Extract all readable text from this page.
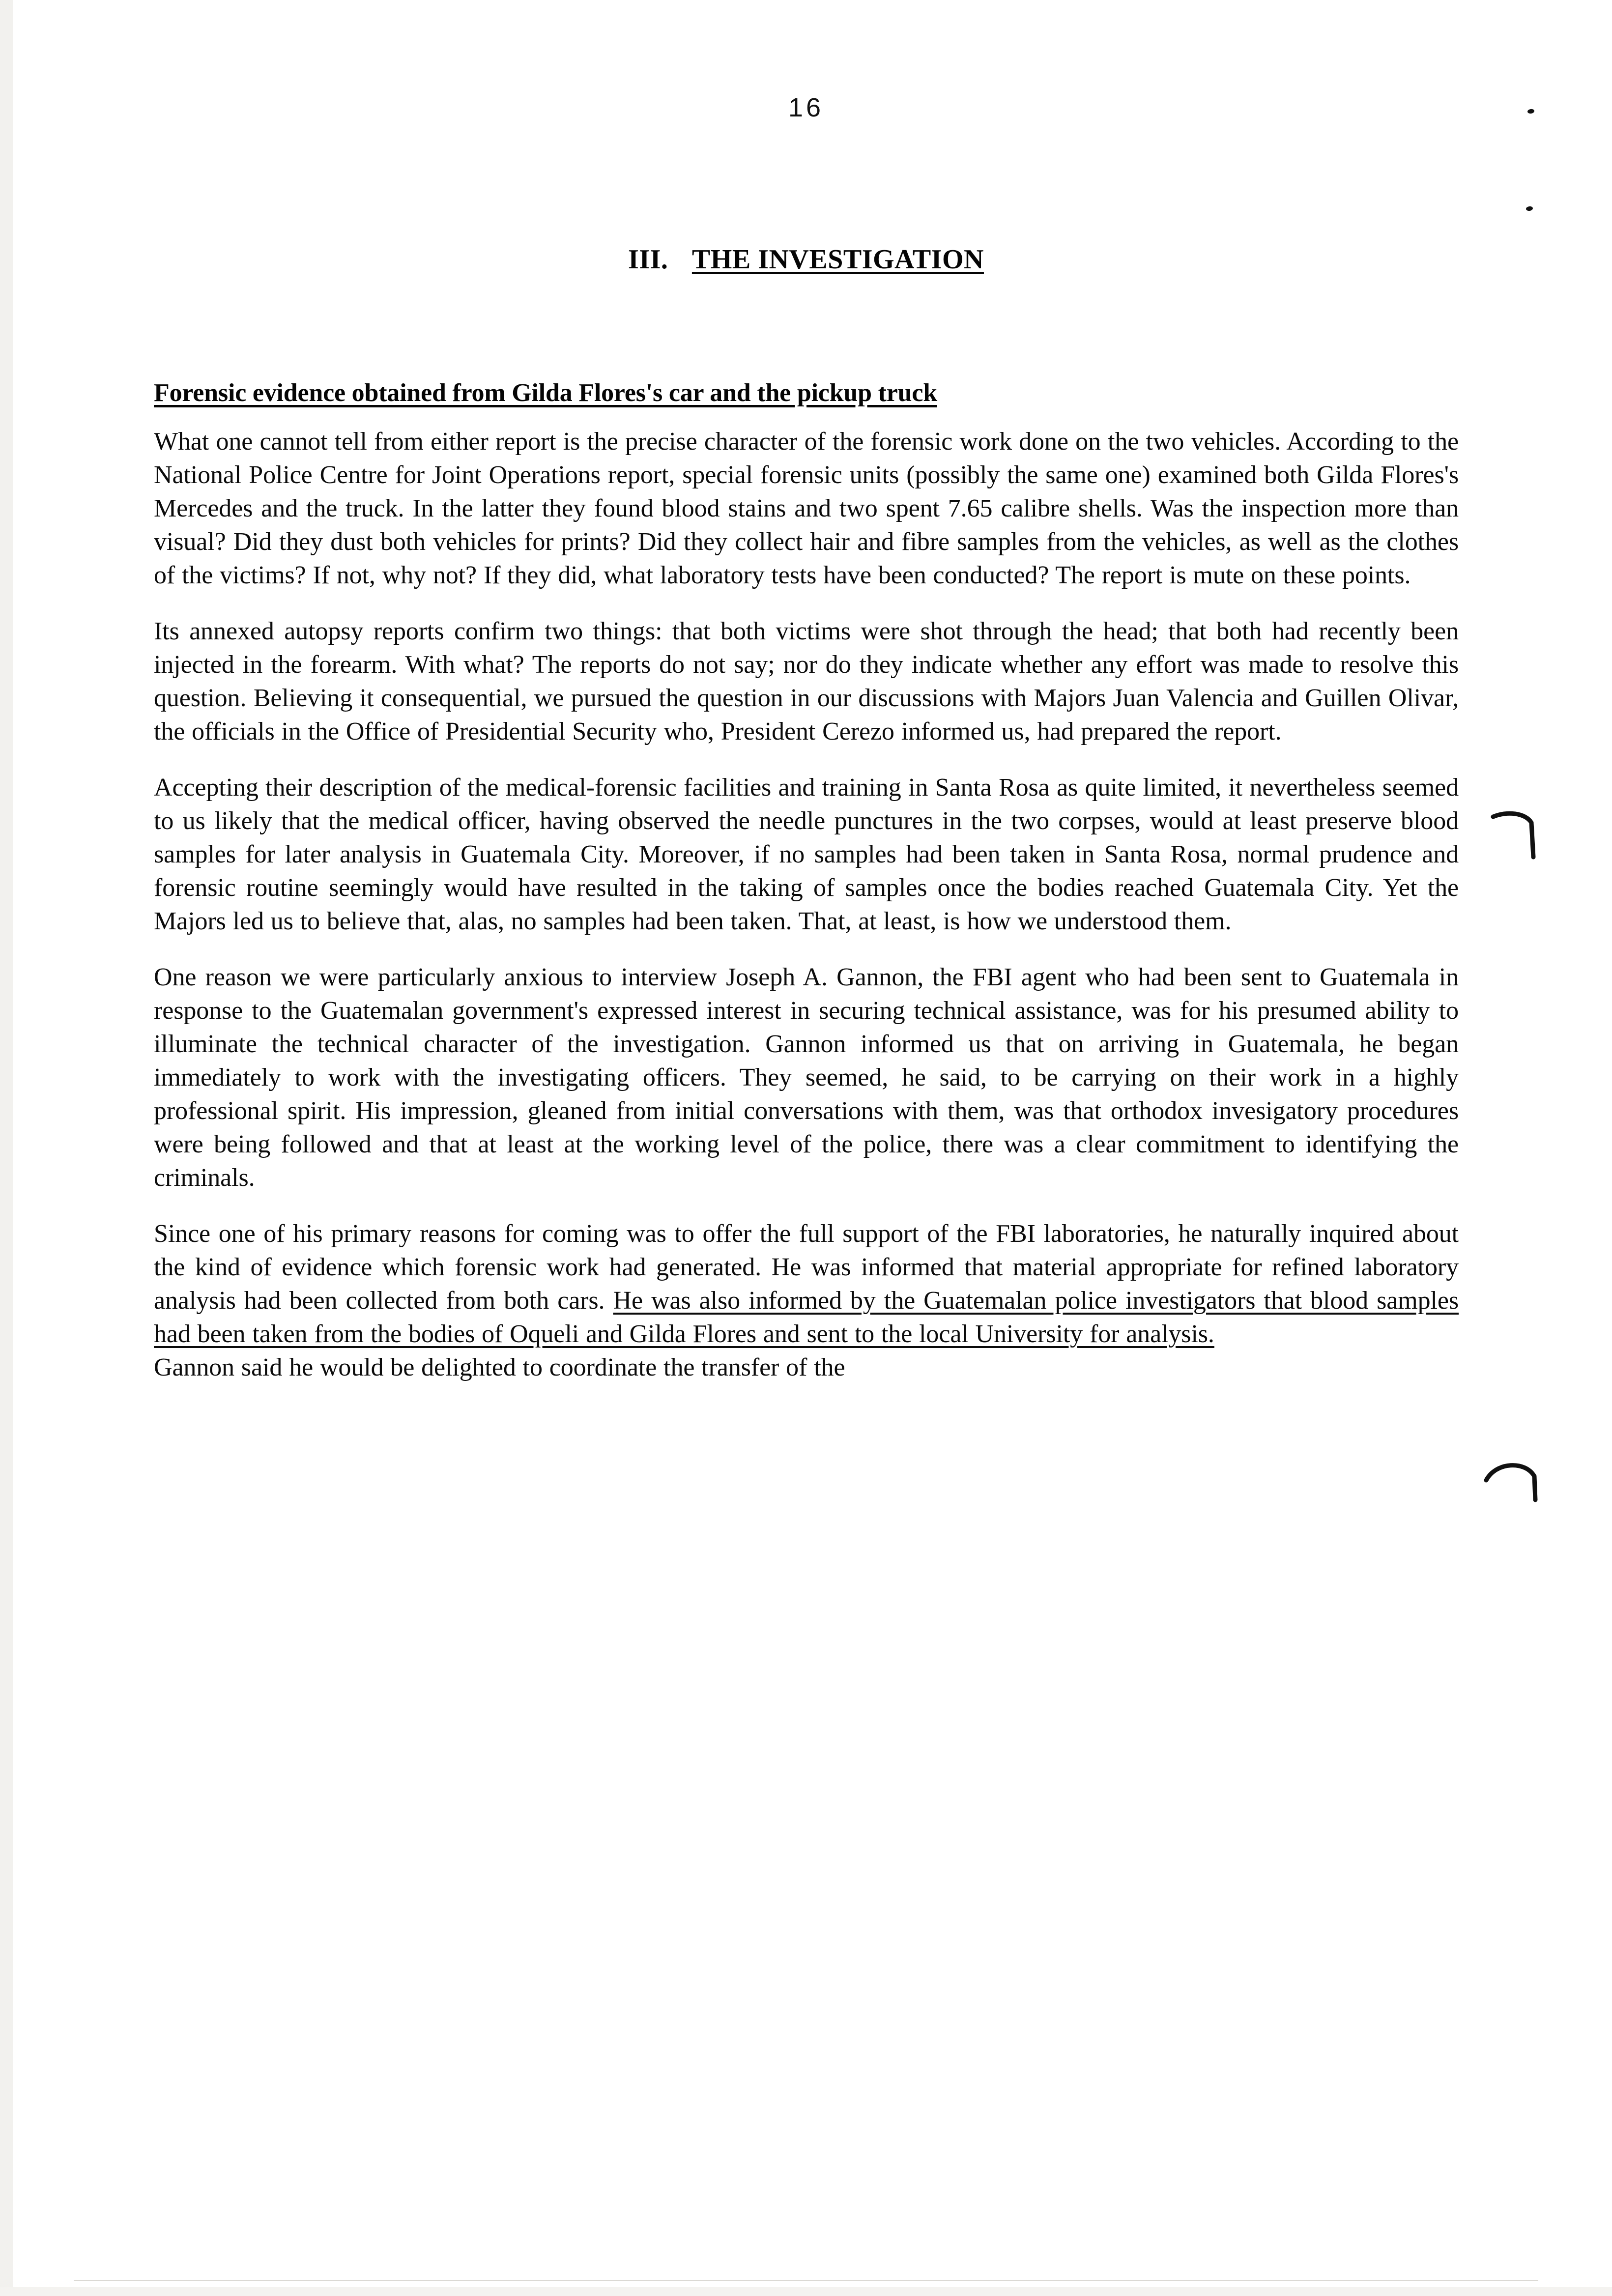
16
III. THE INVESTIGATION
Forensic evidence obtained from Gilda Flores's car and the pickup truck

What one cannot tell from either report is the precise character of the forensic work done on the two vehicles. According to the National Police Centre for Joint Operations report, special forensic units (possibly the same one) examined both Gilda Flores's Mercedes and the truck. In the latter they found blood stains and two spent 7.65 calibre shells. Was the inspection more than visual? Did they dust both vehicles for prints? Did they collect hair and fibre samples from the vehicles, as well as the clothes of the victims? If not, why not? If they did, what laboratory tests have been conducted? The report is mute on these points.

Its annexed autopsy reports confirm two things: that both victims were shot through the head; that both had recently been injected in the forearm. With what? The reports do not say; nor do they indicate whether any effort was made to resolve this question. Believing it consequential, we pursued the question in our discussions with Majors Juan Valencia and Guillen Olivar, the officials in the Office of Presidential Security who, President Cerezo informed us, had prepared the report.

Accepting their description of the medical-forensic facilities and training in Santa Rosa as quite limited, it nevertheless seemed to us likely that the medical officer, having observed the needle punctures in the two corpses, would at least preserve blood samples for later analysis in Guatemala City. Moreover, if no samples had been taken in Santa Rosa, normal prudence and forensic routine seemingly would have resulted in the taking of samples once the bodies reached Guatemala City. Yet the Majors led us to believe that, alas, no samples had been taken. That, at least, is how we understood them.

One reason we were particularly anxious to interview Joseph A. Gannon, the FBI agent who had been sent to Guatemala in response to the Guatemalan government's expressed interest in securing technical assistance, was for his presumed ability to illuminate the technical character of the investigation. Gannon informed us that on arriving in Guatemala, he began immediately to work with the investigating officers. They seemed, he said, to be carrying on their work in a highly professional spirit. His impression, gleaned from initial conversations with them, was that orthodox invesigatory procedures were being followed and that at least at the working level of the police, there was a clear commitment to identifying the criminals.

Since one of his primary reasons for coming was to offer the full support of the FBI laboratories, he naturally inquired about the kind of evidence which forensic work had generated. He was informed that material appropriate for refined laboratory analysis had been collected from both cars. He was also informed by the Guatemalan police investigators that blood samples had been taken from the bodies of Oqueli and Gilda Flores and sent to the local University for analysis.

Gannon said he would be delighted to coordinate the transfer of the
